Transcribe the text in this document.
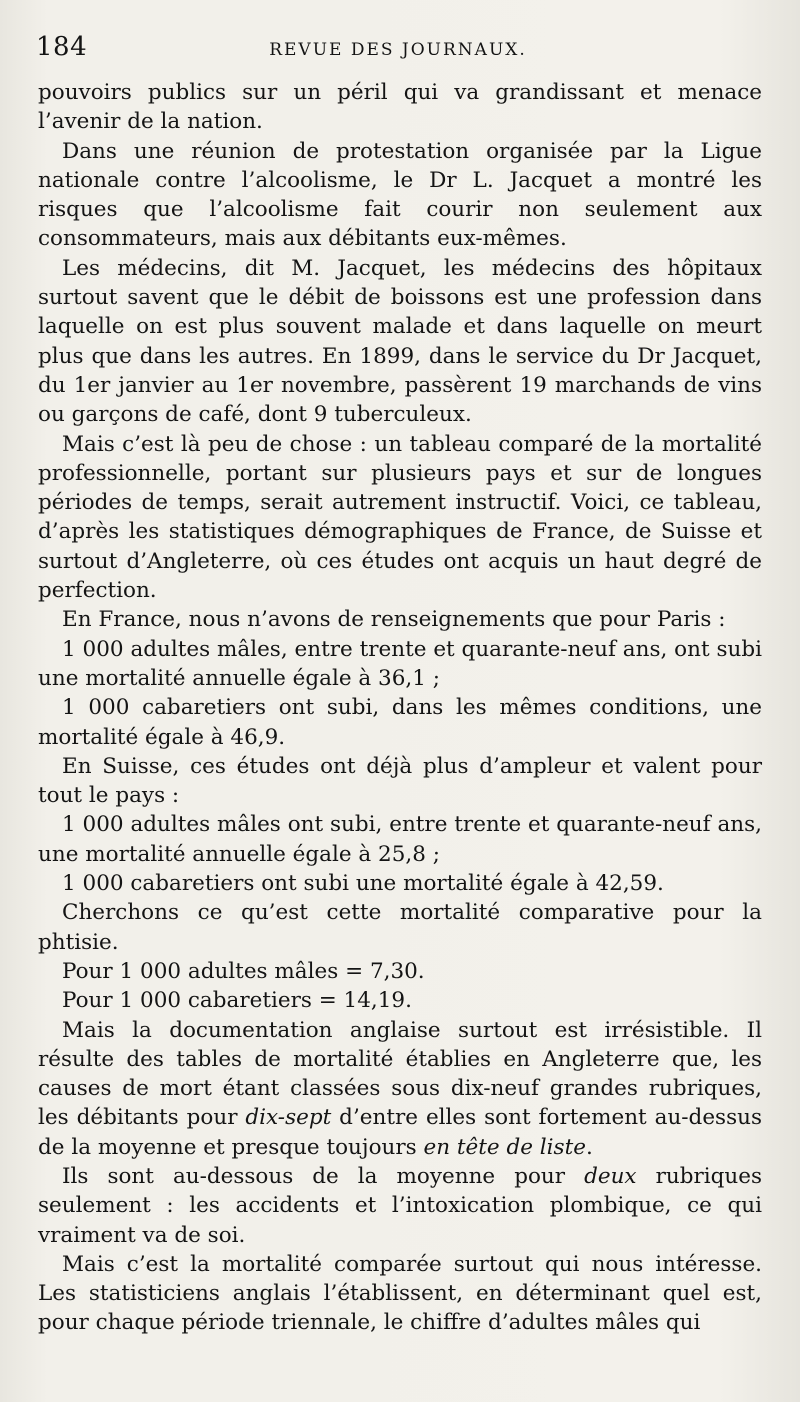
184	REVUE DES JOURNAUX.

pouvoirs publics sur un péril qui va grandissant et menace l’avenir de la nation.

Dans une réunion de protestation organisée par la Ligue nationale contre l’alcoolisme, le Dr L. Jacquet a montré les risques que l’alcoolisme fait courir non seulement aux consommateurs, mais aux débitants eux-mêmes.

Les médecins, dit M. Jacquet, les médecins des hôpitaux surtout savent que le débit de boissons est une profession dans laquelle on est plus souvent malade et dans laquelle on meurt plus que dans les autres. En 1899, dans le service du Dr Jacquet, du 1er janvier au 1er novembre, passèrent 19 marchands de vins ou garçons de café, dont 9 tuberculeux.

Mais c’est là peu de chose : un tableau comparé de la mortalité professionnelle, portant sur plusieurs pays et sur de longues périodes de temps, serait autrement instructif. Voici, ce tableau, d’après les statistiques démographiques de France, de Suisse et surtout d’Angleterre, où ces études ont acquis un haut degré de perfection.

En France, nous n’avons de renseignements que pour Paris :

1 000 adultes mâles, entre trente et quarante-neuf ans, ont subi une mortalité annuelle égale à 36,1 ;

1 000 cabaretiers ont subi, dans les mêmes conditions, une mortalité égale à 46,9.

En Suisse, ces études ont déjà plus d’ampleur et valent pour tout le pays :

1 000 adultes mâles ont subi, entre trente et quarante-neuf ans, une mortalité annuelle égale à 25,8 ;

1 000 cabaretiers ont subi une mortalité égale à 42,59.

Cherchons ce qu’est cette mortalité comparative pour la phtisie.

Pour 1 000 adultes mâles = 7,30.

Pour 1 000 cabaretiers = 14,19.

Mais la documentation anglaise surtout est irrésistible. Il résulte des tables de mortalité établies en Angleterre que, les causes de mort étant classées sous dix-neuf grandes rubriques, les débitants pour dix-sept d’entre elles sont fortement au-dessus de la moyenne et presque toujours en tête de liste.

Ils sont au-dessous de la moyenne pour deux rubriques seulement : les accidents et l’intoxication plombique, ce qui vraiment va de soi.

Mais c’est la mortalité comparée surtout qui nous intéresse. Les statisticiens anglais l’établissent, en déterminant quel est, pour chaque période triennale, le chiffre d’adultes mâles qui
